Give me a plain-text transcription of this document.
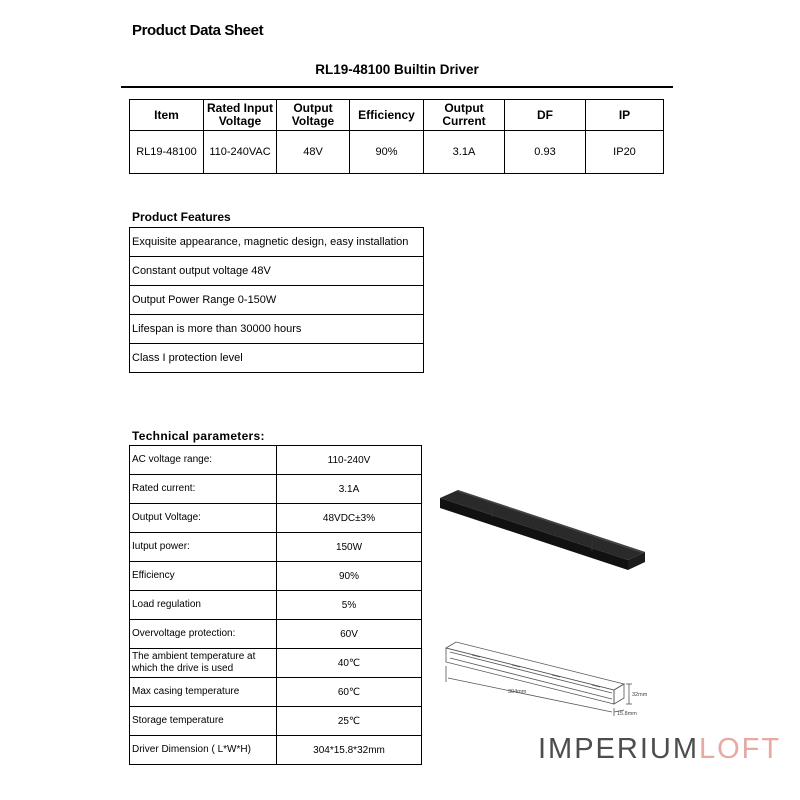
Product Data Sheet
RL19-48100 Builtin Driver
Item	Rated Input Voltage	Output Voltage	Efficiency	Output Current	DF	IP
RL19-48100	110-240VAC	48V	90%	3.1A	0.93	IP20
Product Features
Exquisite appearance, magnetic design, easy installation
Constant output voltage 48V
Output Power Range 0-150W
Lifespan is more than 30000 hours
Class I protection level
Technical parameters:
AC voltage range:	110-240V
Rated current:	3.1A
Output Voltage:	48VDC±3%
Iutput power:	150W
Efficiency	90%
Load regulation	5%
Overvoltage protection:	60V
The ambient temperature at which the drive is used	40℃
Max casing temperature	60℃
Storage temperature	25℃
Driver Dimension ( L*W*H)	304*15.8*32mm
304mm	32mm
15.8mm
IMPERIUMLOFT
